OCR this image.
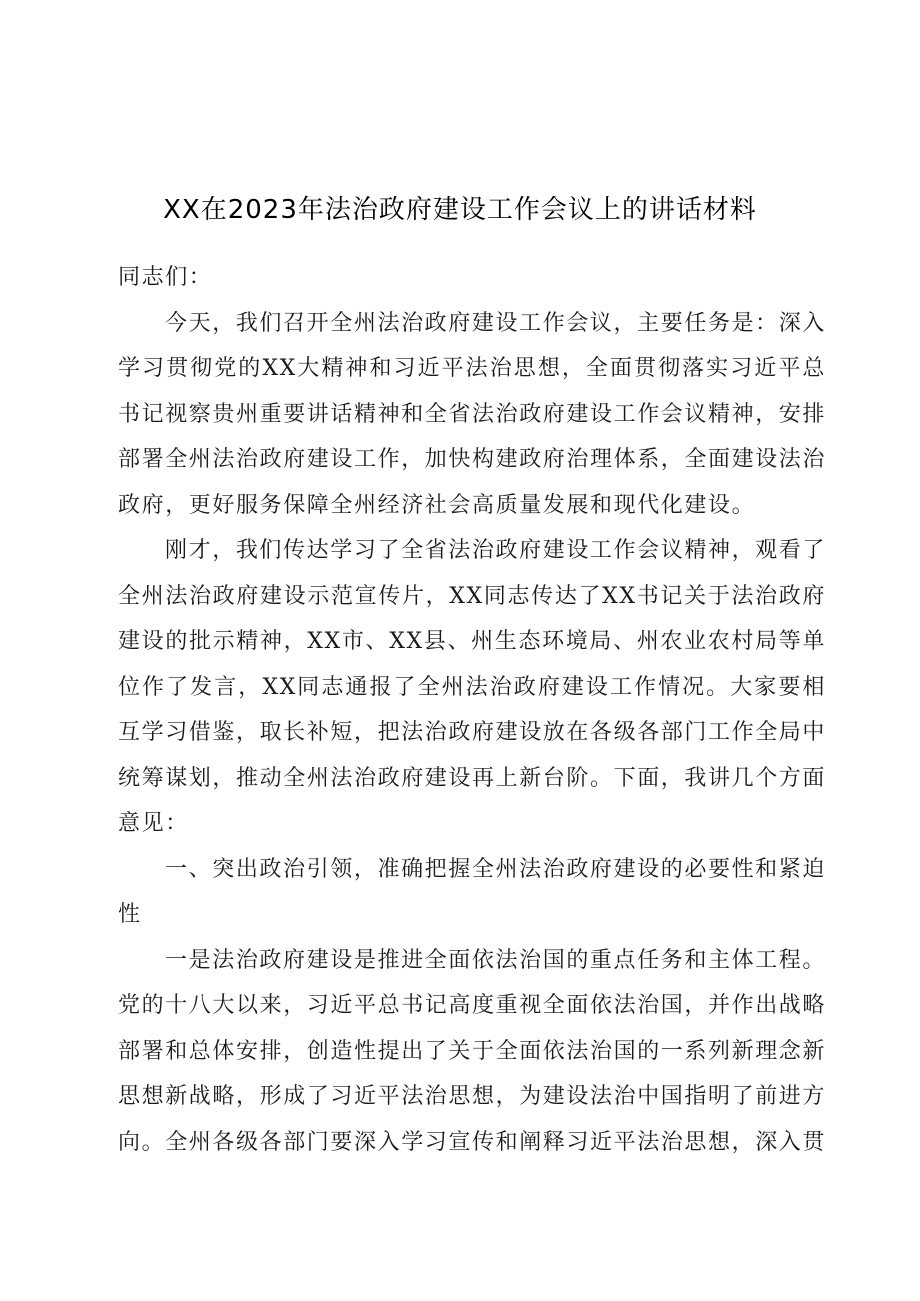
XX在2023年法治政府建设工作会议上的讲话材料

同志们：

今天，我们召开全州法治政府建设工作会议，主要任务是：深入学习贯彻党的XX大精神和习近平法治思想，全面贯彻落实习近平总书记视察贵州重要讲话精神和全省法治政府建设工作会议精神，安排部署全州法治政府建设工作，加快构建政府治理体系，全面建设法治政府，更好服务保障全州经济社会高质量发展和现代化建设。

刚才，我们传达学习了全省法治政府建设工作会议精神，观看了全州法治政府建设示范宣传片，XX同志传达了XX书记关于法治政府建设的批示精神，XX市、XX县、州生态环境局、州农业农村局等单位作了发言，XX同志通报了全州法治政府建设工作情况。大家要相互学习借鉴，取长补短，把法治政府建设放在各级各部门工作全局中统筹谋划，推动全州法治政府建设再上新台阶。下面，我讲几个方面意见：

一、突出政治引领，准确把握全州法治政府建设的必要性和紧迫性

一是法治政府建设是推进全面依法治国的重点任务和主体工程。党的十八大以来，习近平总书记高度重视全面依法治国，并作出战略部署和总体安排，创造性提出了关于全面依法治国的一系列新理念新思想新战略，形成了习近平法治思想，为建设法治中国指明了前进方向。全州各级各部门要深入学习宣传和阐释习近平法治思想，深入贯
